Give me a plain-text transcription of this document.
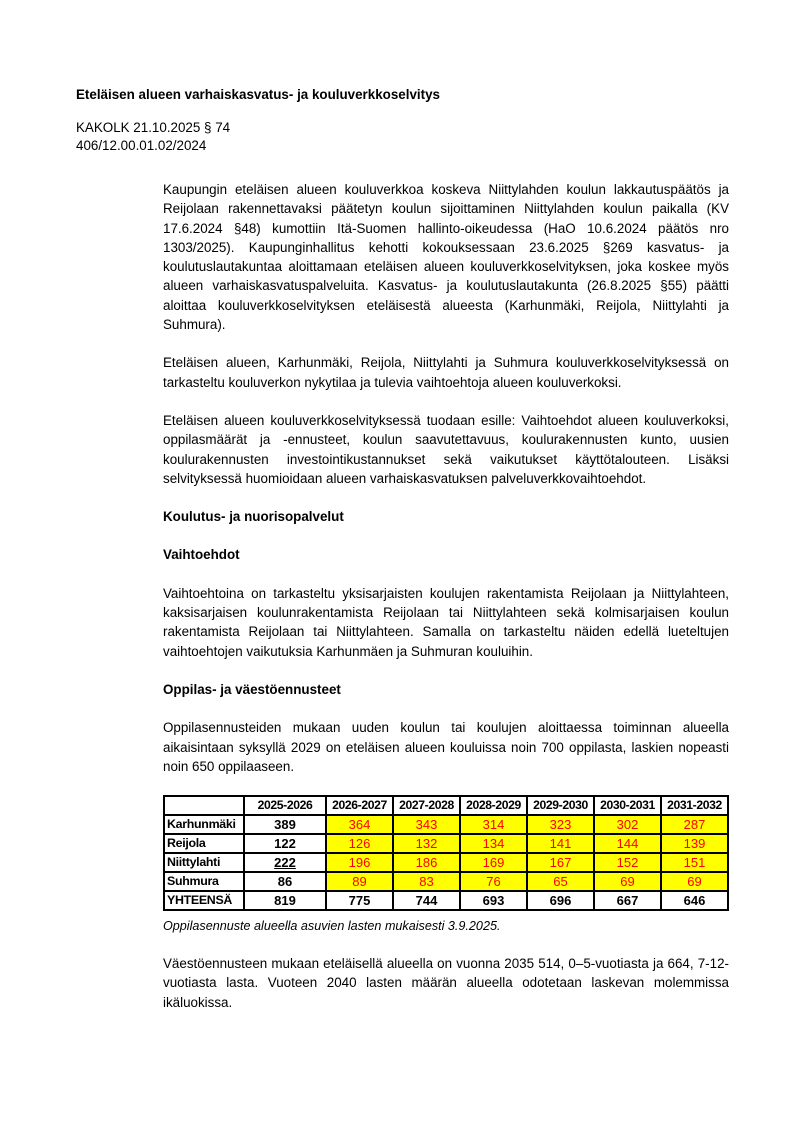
Eteläisen alueen varhaiskasvatus- ja kouluverkkoselvitys
KAKOLK 21.10.2025 § 74
406/12.00.01.02/2024

Kaupungin eteläisen alueen kouluverkkoa koskeva Niittylahden koulun lakkautuspäätös ja Reijolaan rakennettavaksi päätetyn koulun sijoittaminen Niittylahden koulun paikalla (KV 17.6.2024 §48) kumottiin Itä-Suomen hallinto-oikeudessa (HaO 10.6.2024 päätös nro 1303/2025). Kaupunginhallitus kehotti kokouksessaan 23.6.2025 §269 kasvatus- ja koulutuslautakuntaa aloittamaan eteläisen alueen kouluverkkoselvityksen, joka koskee myös alueen varhaiskasvatuspalveluita. Kasvatus- ja koulutuslautakunta (26.8.2025 §55) päätti aloittaa kouluverkkoselvityksen eteläisestä alueesta (Karhunmäki, Reijola, Niittylahti ja Suhmura).

Eteläisen alueen, Karhunmäki, Reijola, Niittylahti ja Suhmura kouluverkkoselvityksessä on tarkasteltu kouluverkon nykytilaa ja tulevia vaihtoehtoja alueen kouluverkoksi.

Eteläisen alueen kouluverkkoselvityksessä tuodaan esille: Vaihtoehdot alueen kouluverkoksi, oppilasmäärät ja -ennusteet, koulun saavutettavuus, koulurakennusten kunto, uusien koulurakennusten investointikustannukset sekä vaikutukset käyttötalouteen. Lisäksi selvityksessä huomioidaan alueen varhaiskasvatuksen palveluverkkovaihtoehdot.

Koulutus- ja nuorisopalvelut
Vaihtoehdot

Vaihtoehtoina on tarkasteltu yksisarjaisten koulujen rakentamista Reijolaan ja Niittylahteen, kaksisarjaisen koulunrakentamista Reijolaan tai Niittylahteen sekä kolmisarjaisen koulun rakentamista Reijolaan tai Niittylahteen. Samalla on tarkasteltu näiden edellä lueteltujen vaihtoehtojen vaikutuksia Karhunmäen ja Suhmuran kouluihin.

Oppilas- ja väestöennusteet

Oppilasennusteiden mukaan uuden koulun tai koulujen aloittaessa toiminnan alueella aikaisintaan syksyllä 2029 on eteläisen alueen kouluissa noin 700 oppilasta, laskien nopeasti noin 650 oppilaaseen.

	2025-2026	2026-2027	2027-2028	2028-2029	2029-2030	2030-2031	2031-2032
Karhunmäki	389	364	343	314	323	302	287
Reijola	122	126	132	134	141	144	139
Niittylahti	222	196	186	169	167	152	151
Suhmura	86	89	83	76	65	69	69
YHTEENSÄ	819	775	744	693	696	667	646
Oppilasennuste alueella asuvien lasten mukaisesti 3.9.2025.

Väestöennusteen mukaan eteläisellä alueella on vuonna 2035 514, 0–5-vuotiasta ja 664, 7-12-vuotiasta lasta. Vuoteen 2040 lasten määrän alueella odotetaan laskevan molemmissa ikäluokissa.
